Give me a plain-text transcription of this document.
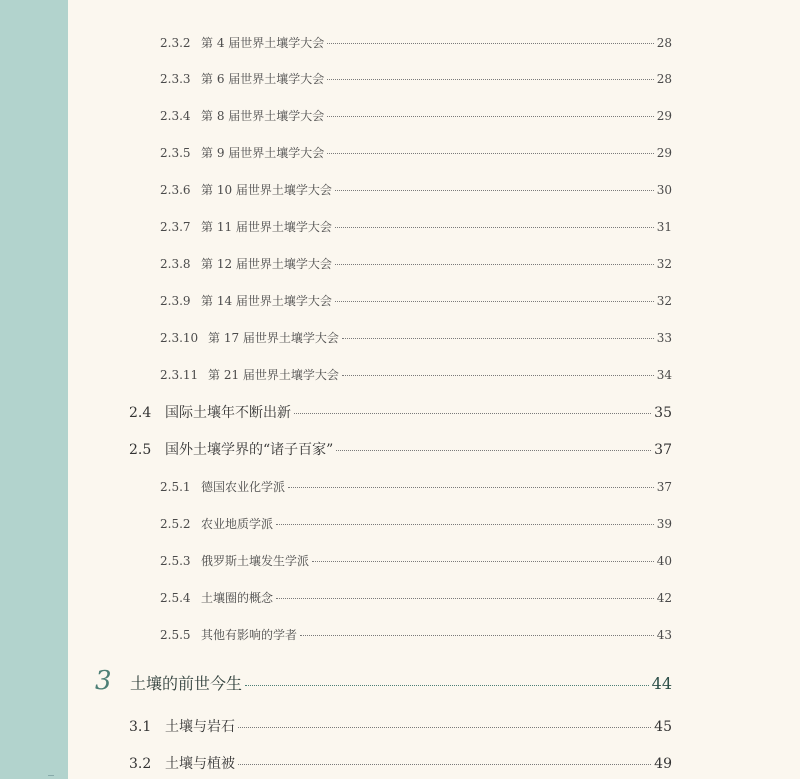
2.3.2 第 4 届世界土壤学大会	28
2.3.3 第 6 届世界土壤学大会	28
2.3.4 第 8 届世界土壤学大会	29
2.3.5 第 9 届世界土壤学大会	29
2.3.6 第 10 届世界土壤学大会	30
2.3.7 第 11 届世界土壤学大会	31
2.3.8 第 12 届世界土壤学大会	32
2.3.9 第 14 届世界土壤学大会	32
2.3.10 第 17 届世界土壤学大会	33
2.3.11 第 21 届世界土壤学大会	34
2.4 国际土壤年不断出新	35
2.5 国外土壤学界的“诸子百家”	37
2.5.1 德国农业化学派	37
2.5.2 农业地质学派	39
2.5.3 俄罗斯土壤发生学派	40
2.5.4 土壤圈的概念	42
2.5.5 其他有影响的学者	43
3	土壤的前世今生	44
3.1 土壤与岩石	45
3.2 土壤与植被	49
